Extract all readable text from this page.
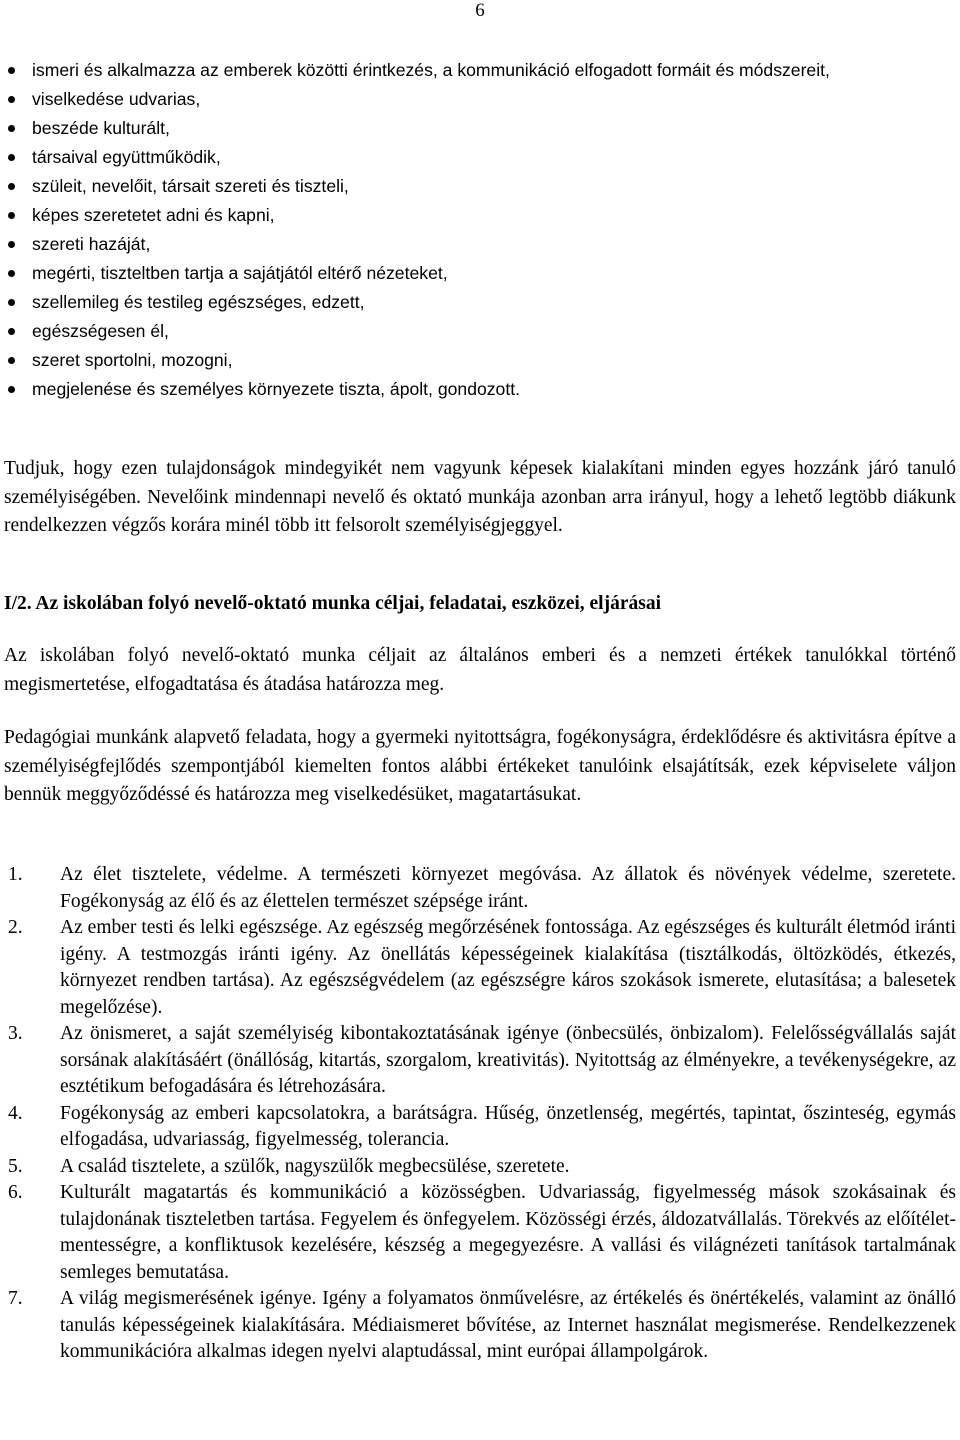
6
ismeri és alkalmazza az emberek közötti érintkezés, a kommunikáció elfogadott formáit és módszereit,
viselkedése udvarias,
beszéde kulturált,
társaival együttműködik,
szüleit, nevelőit, társait szereti és tiszteli,
képes szeretetet adni és kapni,
szereti hazáját,
megérti, tiszteltben tartja a sajátjától eltérő nézeteket,
szellemileg és testileg egészséges, edzett,
egészségesen él,
szeret sportolni, mozogni,
megjelenése és személyes környezete tiszta, ápolt, gondozott.

Tudjuk, hogy ezen tulajdonságok mindegyikét nem vagyunk képesek kialakítani minden egyes hozzánk járó tanuló személyiségében. Nevelőink mindennapi nevelő és oktató munkája azonban arra irányul, hogy a lehető legtöbb diákunk rendelkezzen végzős korára minél több itt felsorolt személyiségjeggyel.

I/2. Az iskolában folyó nevelő-oktató munka céljai, feladatai, eszközei, eljárásai

Az iskolában folyó nevelő-oktató munka céljait az általános emberi és a nemzeti értékek tanulókkal történő megismertetése, elfogadtatása és átadása határozza meg.

Pedagógiai munkánk alapvető feladata, hogy a gyermeki nyitottságra, fogékonyságra, érdeklődésre és aktivitásra építve a személyiségfejlődés szempontjából kiemelten fontos alábbi értékeket tanulóink elsajátítsák, ezek képviselete váljon bennük meggyőződéssé és határozza meg viselkedésüket, magatartásukat.

1. Az élet tisztelete, védelme. A természeti környezet megóvása. Az állatok és növények védelme, szeretete. Fogékonyság az élő és az élettelen természet szépsége iránt.
2. Az ember testi és lelki egészsége. Az egészség megőrzésének fontossága. Az egészséges és kulturált életmód iránti igény. A testmozgás iránti igény. Az önellátás képességeinek kialakítása (tisztálkodás, öltözködés, étkezés, környezet rendben tartása). Az egészségvédelem (az egészségre káros szokások ismerete, elutasítása; a balesetek megelőzése).
3. Az önismeret, a saját személyiség kibontakoztatásának igénye (önbecsülés, önbizalom). Felelősségvállalás saját sorsának alakításáért (önállóság, kitartás, szorgalom, kreativitás). Nyitottság az élményekre, a tevékenységekre, az esztétikum befogadására és létrehozására.
4. Fogékonyság az emberi kapcsolatokra, a barátságra. Hűség, önzetlenség, megértés, tapintat, őszinteség, egymás elfogadása, udvariasság, figyelmesség, tolerancia.
5. A család tisztelete, a szülők, nagyszülők megbecsülése, szeretete.
6. Kulturált magatartás és kommunikáció a közösségben. Udvariasság, figyelmesség mások szokásainak és tulajdonának tiszteletben tartása. Fegyelem és önfegyelem. Közösségi érzés, áldozatvállalás. Törekvés az előítélet-mentességre, a konfliktusok kezelésére, készség a megegyezésre. A vallási és világnézeti tanítások tartalmának semleges bemutatása.
7. A világ megismerésének igénye. Igény a folyamatos önművelésre, az értékelés és önértékelés, valamint az önálló tanulás képességeinek kialakítására. Médiaismeret bővítése, az Internet használat megismerése. Rendelkezzenek kommunikációra alkalmas idegen nyelvi alaptudással, mint európai állampolgárok.
